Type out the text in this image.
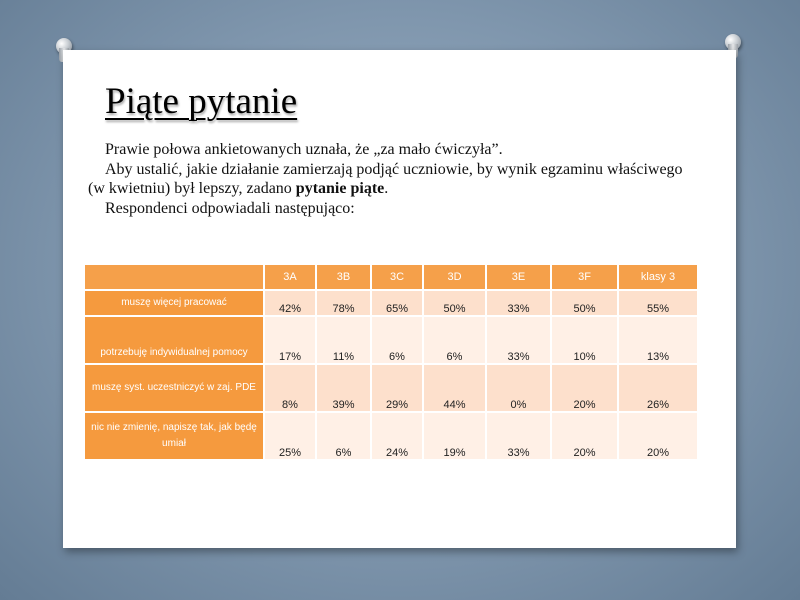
Piąte pytanie

Prawie połowa ankietowanych uznała, że „za mało ćwiczyła”.

Aby ustalić, jakie działanie zamierzają podjąć uczniowie, by wynik egzaminu właściwego (w kwietniu) był lepszy, zadano pytanie piąte.

Respondenci odpowiadali następująco:

	3A	3B	3C	3D	3E	3F	klasy 3
muszę więcej pracować	42%	78%	65%	50%	33%	50%	55%
potrzebuję indywidualnej pomocy	17%	11%	6%	6%	33%	10%	13%
muszę syst. uczestniczyć w zaj. PDE	8%	39%	29%	44%	0%	20%	26%
nic nie zmienię, napiszę tak, jak będę umiał	25%	6%	24%	19%	33%	20%	20%
